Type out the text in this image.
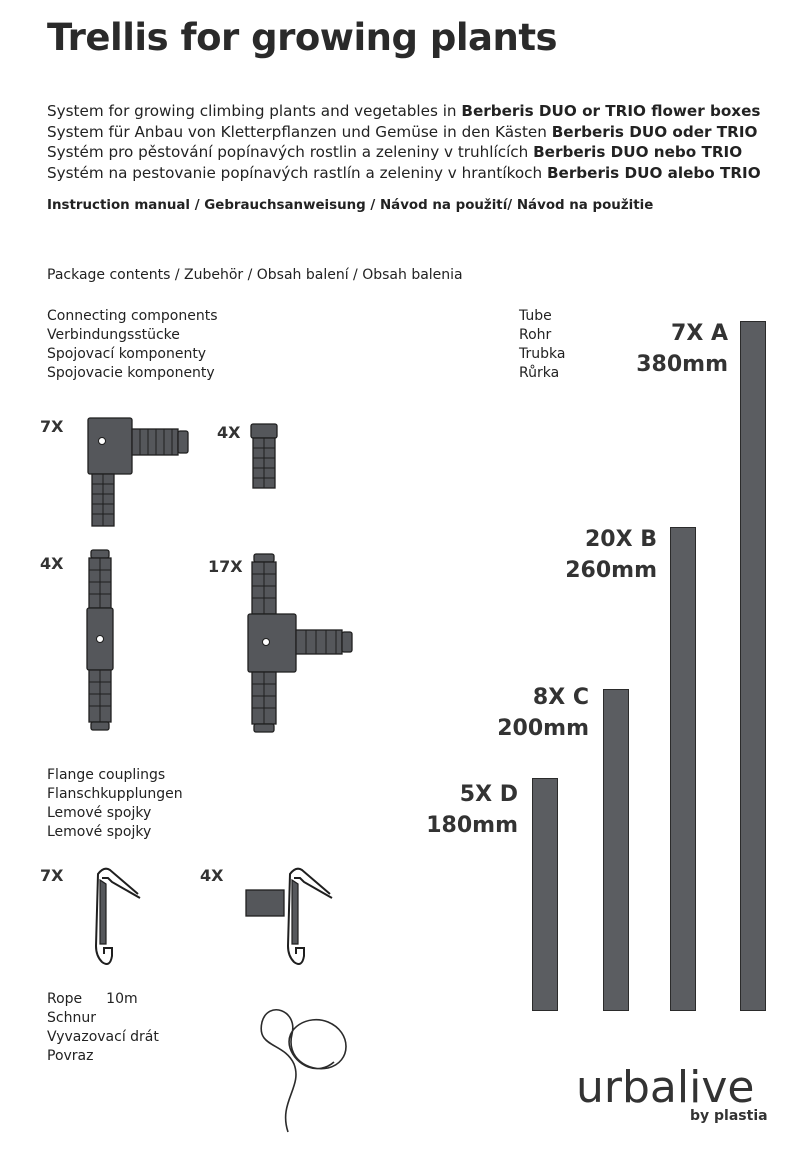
Trellis for growing plants
System for growing climbing plants and vegetables in Berberis DUO or TRIO flower boxes
System für Anbau von Kletterpflanzen und Gemüse in den Kästen Berberis DUO oder TRIO
Systém pro pěstování popínavých rostlin a zeleniny v truhlících Berberis DUO nebo TRIO
Systém na pestovanie popínavých rastlín a zeleniny v hrantíkoch Berberis DUO alebo TRIO
Instruction manual / Gebrauchsanweisung / Návod na použití/ Návod na použitie
Package contents / Zubehör / Obsah balení / Obsah balenia
Connecting components
Verbindungsstücke
Spojovací komponenty
Spojovacie komponenty
7X	4X
4X	17X
Tube
Rohr
Trubka
Růrka
7X A
380mm
20X B
260mm
8X C
200mm
5X D
180mm
Flange couplings
Flanschkupplungen
Lemové spojky
Lemové spojky
7X	4X
Rope 10m
Schnur
Vyvazovací drát
Povraz
urbalive
by plastia
